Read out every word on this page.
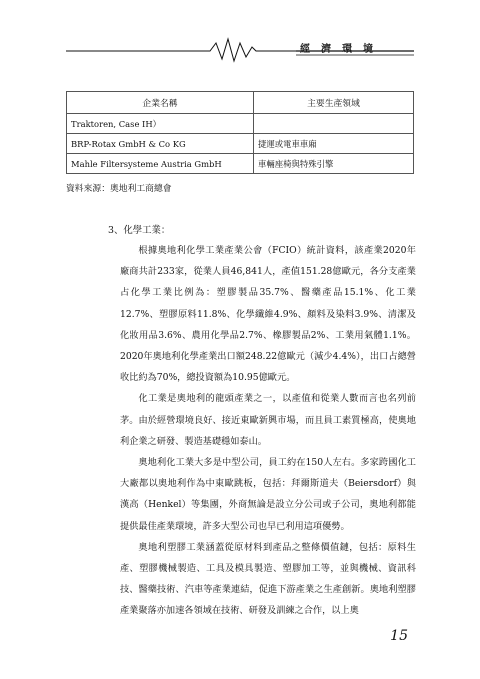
經濟環境
企業名稱	主要生產領域
Traktoren, Case IH）	
BRP-Rotax GmbH & Co KG	捷運或電車車廂
Mahle Filtersysteme Austria GmbH	車輛座椅與特殊引擎
資料來源：奧地利工商總會
3、化學工業：

根據奧地利化學工業產業公會（FCIO）統計資料，該產業2020年廠商共計233家，從業人員46,841人，產值151.28億歐元，各分支產業占化學工業比例為：塑膠製品35.7%、醫藥產品15.1%、化工業12.7%、塑膠原料11.8%、化學纖維4.9%、顏料及染料3.9%、清潔及化妝用品3.6%、農用化學品2.7%、橡膠製品2%、工業用氣體1.1%。2020年奧地利化學產業出口額248.22億歐元（減少4.4%），出口占總營收比約為70%，總投資額為10.95億歐元。

化工業是奧地利的龍頭產業之一，以產值和從業人數而言也名列前茅。由於經營環境良好、接近東歐新興市場，而且員工素質極高，使奧地利企業之研發、製造基礎穩如泰山。

奧地利化工業大多是中型公司，員工約在150人左右。多家跨國化工大廠都以奧地利作為中東歐跳板，包括：拜爾斯道夫（Beiersdorf）與漢高（Henkel）等集團，外商無論是設立分公司或子公司，奧地利都能提供最佳產業環境，許多大型公司也早已利用這項優勢。

奧地利塑膠工業涵蓋從原材料到產品之整條價值鏈，包括：原料生產、塑膠機械製造、工具及模具製造、塑膠加工等，並與機械、資訊科技、醫藥技術、汽車等產業連結，促進下游產業之生產創新。奧地利塑膠產業聚落亦加速各領域在技術、研發及訓練之合作，以上奧

15
